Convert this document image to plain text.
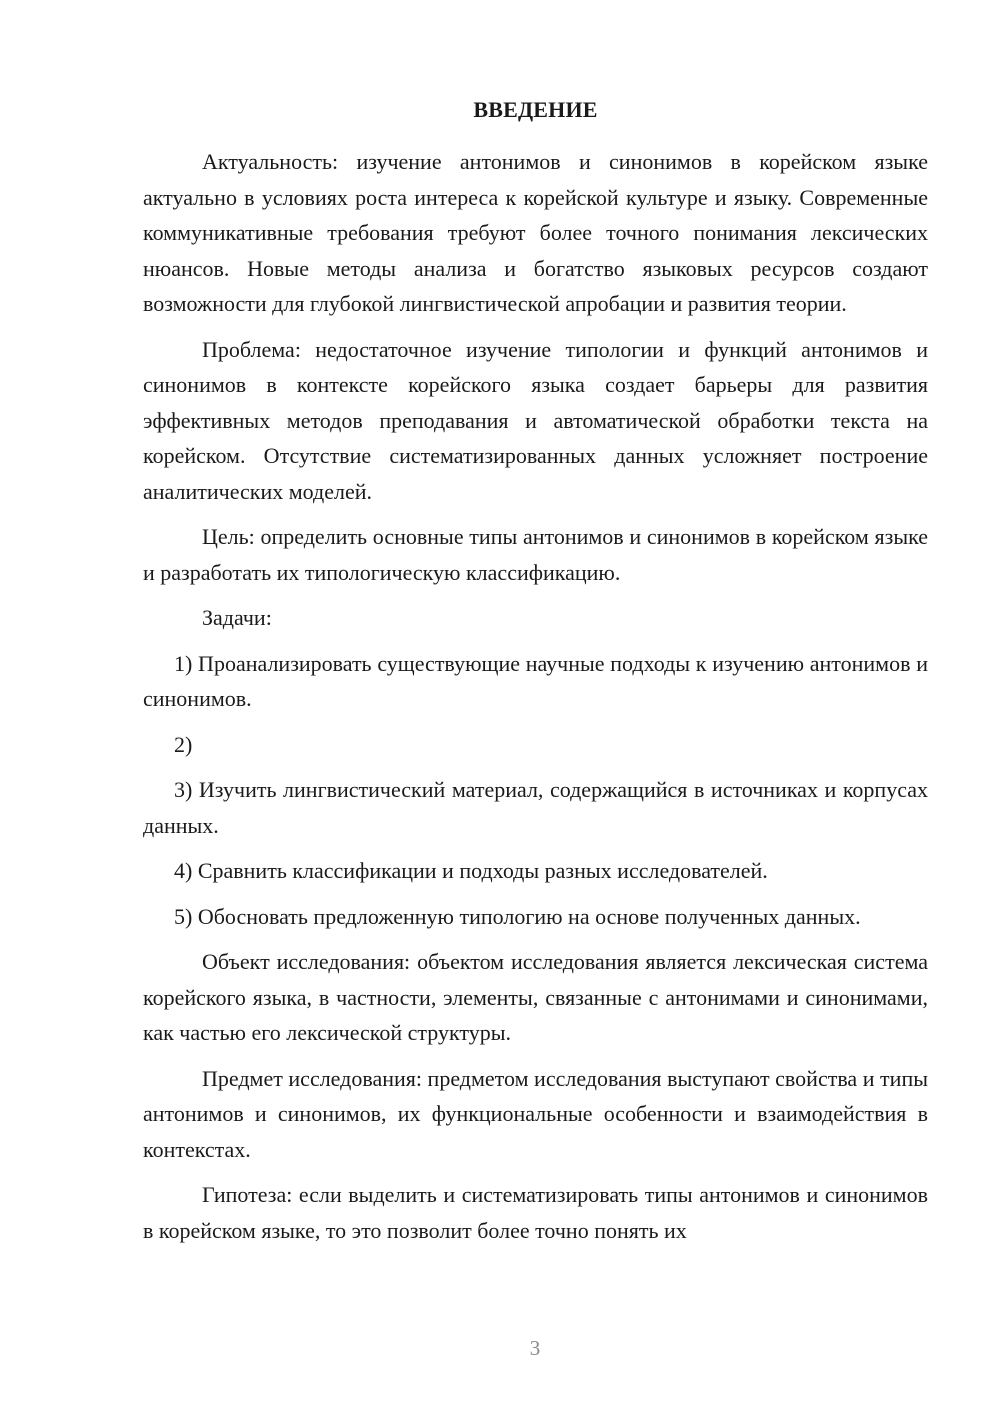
ВВЕДЕНИЕ

Актуальность: изучение антонимов и синонимов в корейском языке актуально в условиях роста интереса к корейской культуре и языку. Современные коммуникативные требования требуют более точного понимания лексических нюансов. Новые методы анализа и богатство языковых ресурсов создают возможности для глубокой лингвистической апробации и развития теории.

Проблема: недостаточное изучение типологии и функций антонимов и синонимов в контексте корейского языка создает барьеры для развития эффективных методов преподавания и автоматической обработки текста на корейском. Отсутствие систематизированных данных усложняет построение аналитических моделей.

Цель: определить основные типы антонимов и синонимов в корейском языке и разработать их типологическую классификацию.

Задачи:

1) Проанализировать существующие научные подходы к изучению антонимов и синонимов.

2)

3) Изучить лингвистический материал, содержащийся в источниках и корпусах данных.

4) Сравнить классификации и подходы разных исследователей.

5) Обосновать предложенную типологию на основе полученных данных.

Объект исследования: объектом исследования является лексическая система корейского языка, в частности, элементы, связанные с антонимами и синонимами, как частью его лексической структуры.

Предмет исследования: предметом исследования выступают свойства и типы антонимов и синонимов, их функциональные особенности и взаимодействия в контекстах.

Гипотеза: если выделить и систематизировать типы антонимов и синонимов в корейском языке, то это позволит более точно понять их

3
